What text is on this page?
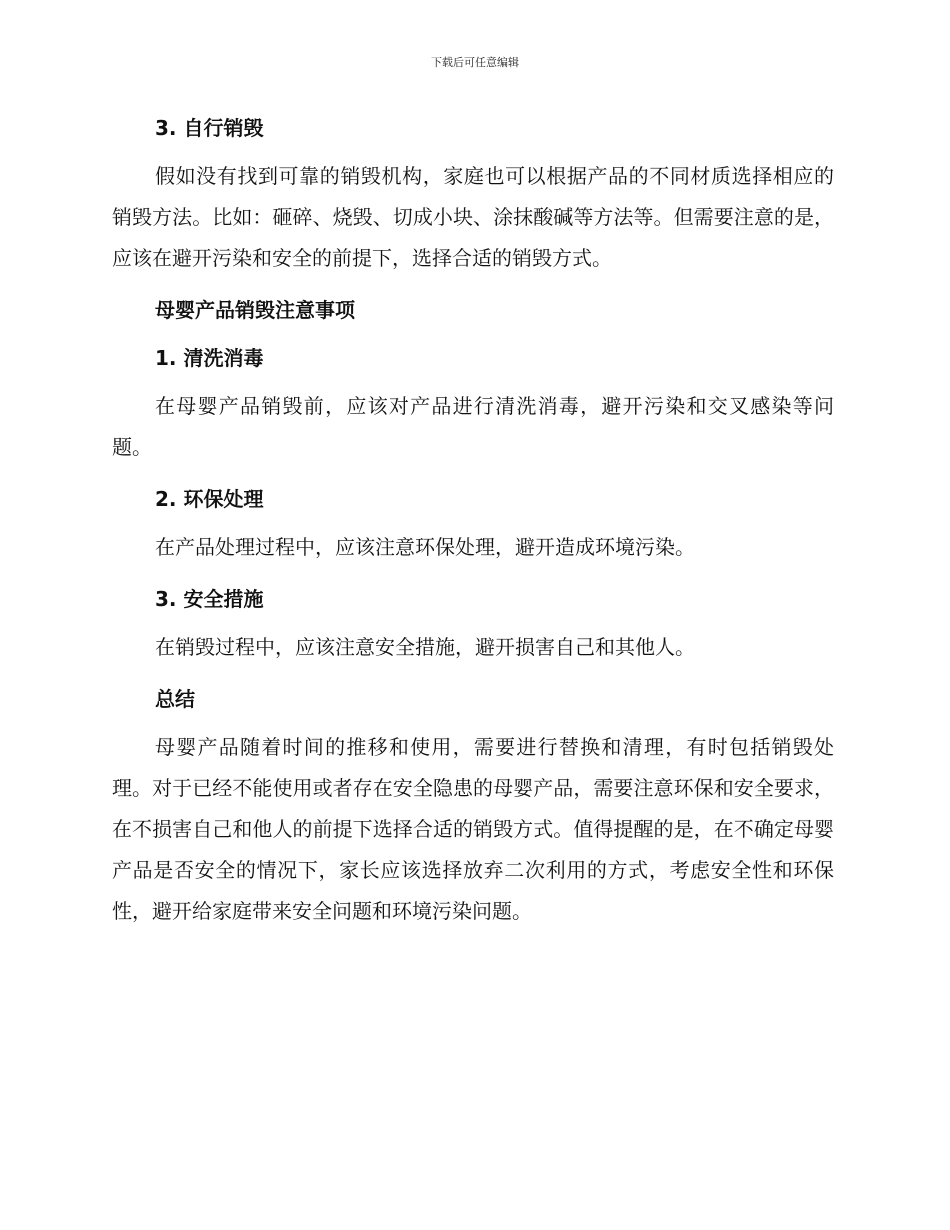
下载后可任意编辑

3. 自行销毁

假如没有找到可靠的销毁机构，家庭也可以根据产品的不同材质选择相应的销毁方法。比如：砸碎、烧毁、切成小块、涂抹酸碱等方法等。但需要注意的是，应该在避开污染和安全的前提下，选择合适的销毁方式。

母婴产品销毁注意事项

1. 清洗消毒

在母婴产品销毁前，应该对产品进行清洗消毒，避开污染和交叉感染等问题。

2. 环保处理

在产品处理过程中，应该注意环保处理，避开造成环境污染。

3. 安全措施

在销毁过程中，应该注意安全措施，避开损害自己和其他人。

总结

母婴产品随着时间的推移和使用，需要进行替换和清理，有时包括销毁处理。对于已经不能使用或者存在安全隐患的母婴产品，需要注意环保和安全要求，在不损害自己和他人的前提下选择合适的销毁方式。值得提醒的是，在不确定母婴产品是否安全的情况下，家长应该选择放弃二次利用的方式，考虑安全性和环保性，避开给家庭带来安全问题和环境污染问题。
